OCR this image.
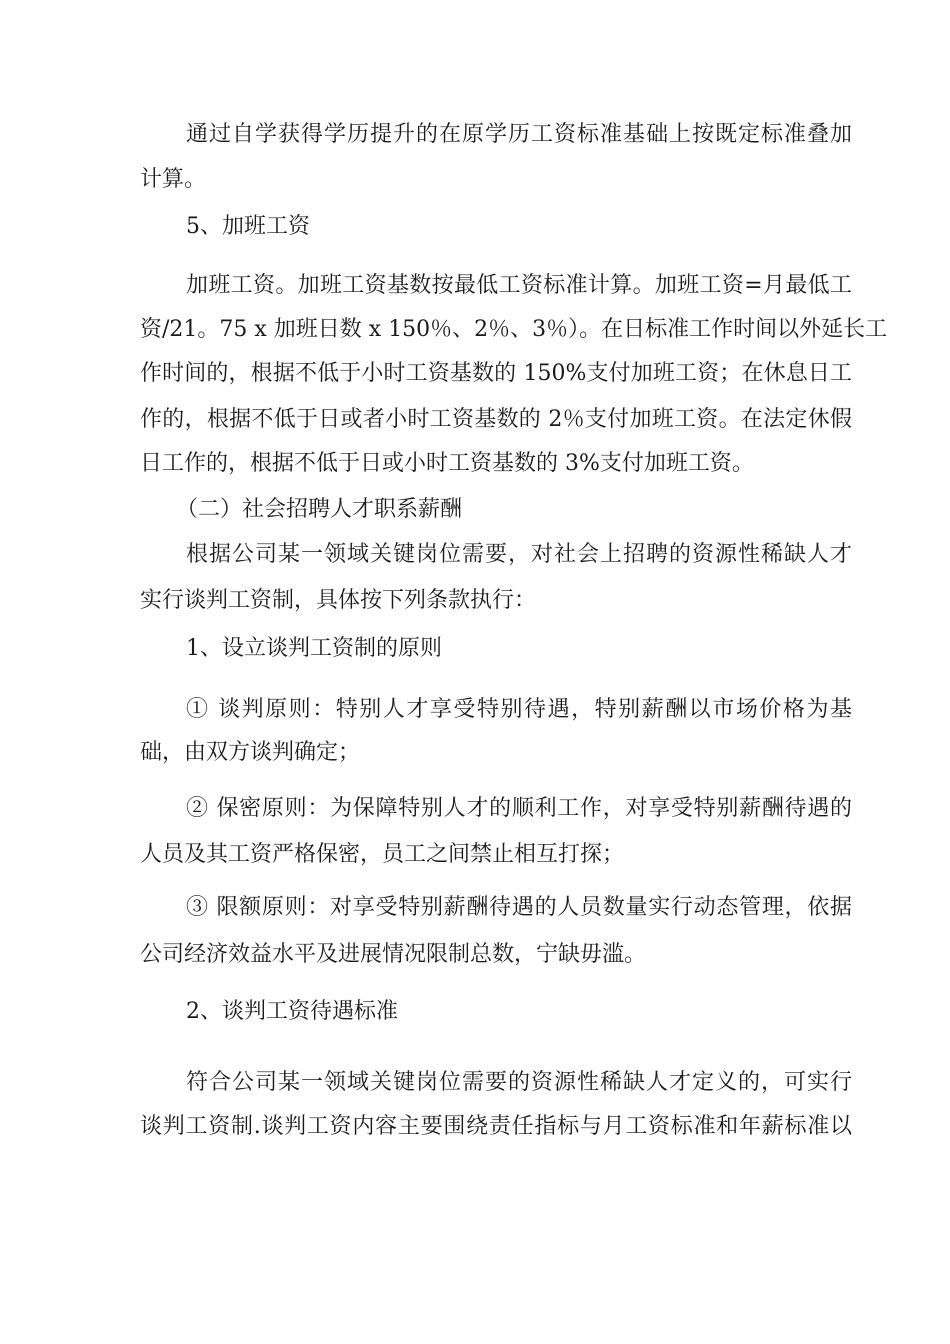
通过自学获得学历提升的在原学历工资标准基础上按既定标准叠加
计算。
5、加班工资
加班工资。加班工资基数按最低工资标准计算。加班工资=月最低工
资/21。75 x 加班日数 x 150％、2％、3％）。在日标准工作时间以外延长工
作时间的，根据不低于小时工资基数的 150%支付加班工资；在休息日工
作的，根据不低于日或者小时工资基数的 2％支付加班工资。在法定休假
日工作的，根据不低于日或小时工资基数的 3%支付加班工资。
（二）社会招聘人才职系薪酬
根据公司某一领域关键岗位需要，对社会上招聘的资源性稀缺人才
实行谈判工资制，具体按下列条款执行：
1、设立谈判工资制的原则
① 谈判原则：特别人才享受特别待遇，特别薪酬以市场价格为基
础，由双方谈判确定；
② 保密原则：为保障特别人才的顺利工作，对享受特别薪酬待遇的
人员及其工资严格保密，员工之间禁止相互打探；
③ 限额原则：对享受特别薪酬待遇的人员数量实行动态管理，依据
公司经济效益水平及进展情况限制总数，宁缺毋滥。
2、谈判工资待遇标准
符合公司某一领域关键岗位需要的资源性稀缺人才定义的，可实行
谈判工资制.谈判工资内容主要围绕责任指标与月工资标准和年薪标准以
